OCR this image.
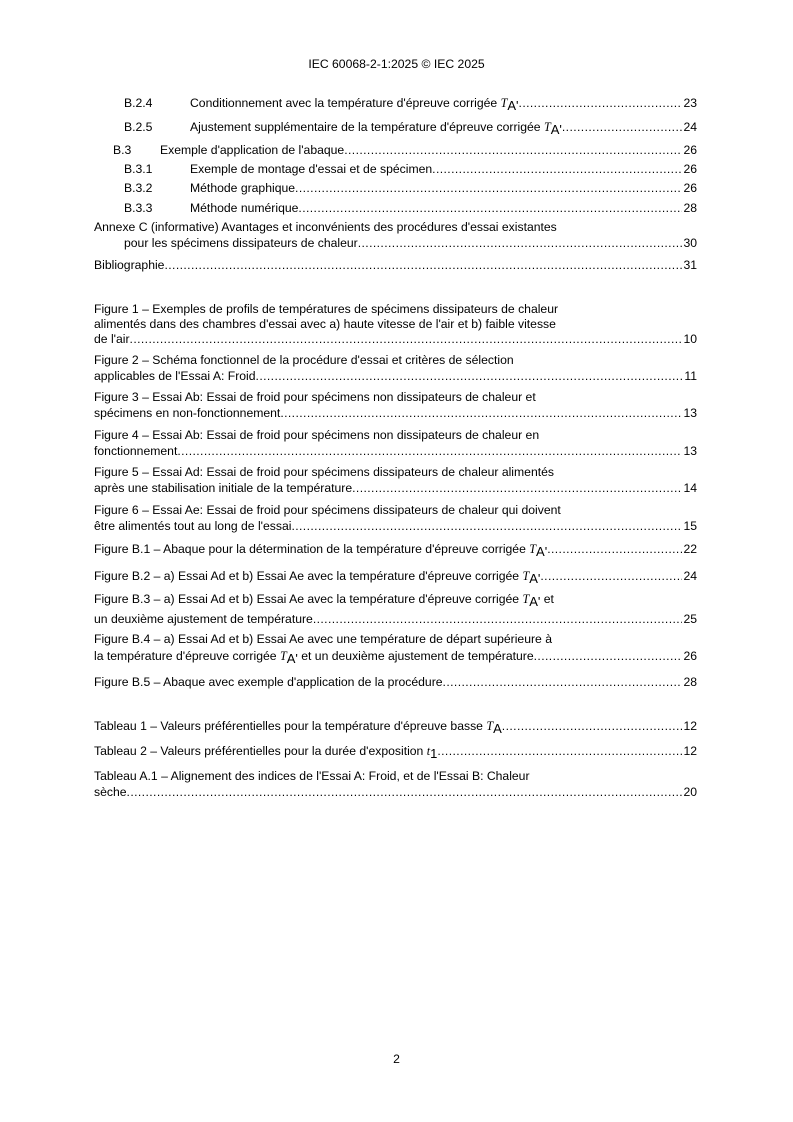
IEC 60068-2-1:2025 © IEC 2025
B.2.4	Conditionnement avec la température d'épreuve corrigée TA' .....	23
B.2.5	Ajustement supplémentaire de la température d'épreuve corrigée TA' .....	24
B.3	Exemple d'application de l'abaque .....	26
B.3.1	Exemple de montage d'essai et de spécimen .....	26
B.3.2	Méthode graphique .....	26
B.3.3	Méthode numérique .....	28
Annexe C (informative) Avantages et inconvénients des procédures d'essai existantes
pour les spécimens dissipateurs de chaleur .....	30
Bibliographie .....	31
Figure 1 – Exemples de profils de températures de spécimens dissipateurs de chaleur
alimentés dans des chambres d'essai avec a) haute vitesse de l'air et b) faible vitesse
de l'air .....	10
Figure 2 – Schéma fonctionnel de la procédure d'essai et critères de sélection
applicables de l'Essai A: Froid .....	11
Figure 3 – Essai Ab: Essai de froid pour spécimens non dissipateurs de chaleur et
spécimens en non-fonctionnement .....	13
Figure 4 – Essai Ab: Essai de froid pour spécimens non dissipateurs de chaleur en
fonctionnement .....	13
Figure 5 – Essai Ad: Essai de froid pour spécimens dissipateurs de chaleur alimentés
après une stabilisation initiale de la température .....	14
Figure 6 – Essai Ae: Essai de froid pour spécimens dissipateurs de chaleur qui doivent
être alimentés tout au long de l'essai .....	15
Figure B.1 – Abaque pour la détermination de la température d'épreuve corrigée TA' .....	22
Figure B.2 – a) Essai Ad et b) Essai Ae avec la température d'épreuve corrigée TA' .....	24
Figure B.3 – a) Essai Ad et b) Essai Ae avec la température d'épreuve corrigée TA' et
un deuxième ajustement de température .....	25
Figure B.4 – a) Essai Ad et b) Essai Ae avec une température de départ supérieure à
la température d'épreuve corrigée TA' et un deuxième ajustement de température .....	26
Figure B.5 – Abaque avec exemple d'application de la procédure .....	28
Tableau 1 – Valeurs préférentielles pour la température d'épreuve basse TA .....	12
Tableau 2 – Valeurs préférentielles pour la durée d'exposition t1 .....	12
Tableau A.1 – Alignement des indices de l'Essai A: Froid, et de l'Essai B: Chaleur
sèche .....	20
2
